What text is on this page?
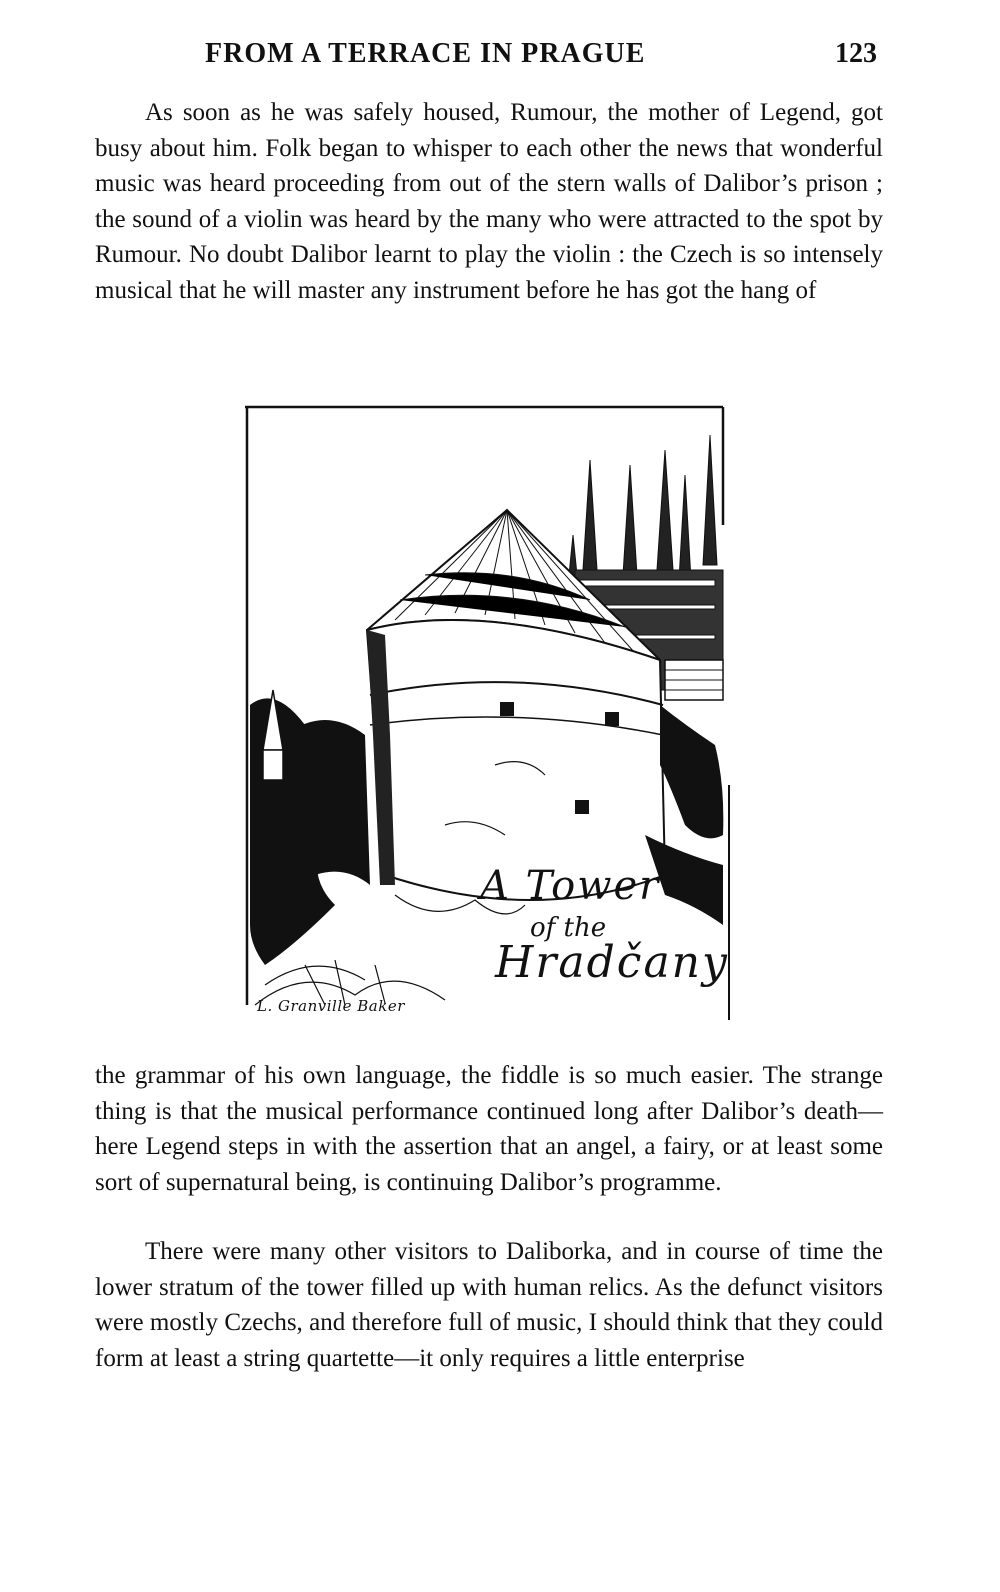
FROM A TERRACE IN PRAGUE	123

As soon as he was safely housed, Rumour, the mother of Legend, got busy about him. Folk began to whisper to each other the news that wonderful music was heard proceeding from out of the stern walls of Dalibor’s prison ; the sound of a violin was heard by the many who were attracted to the spot by Rumour. No doubt Dalibor learnt to play the violin : the Czech is so intensely musical that he will master any instrument before he has got the hang of

A Tower
of the
Hradčany
L. Granville Baker

the grammar of his own language, the fiddle is so much easier. The strange thing is that the musical performance continued long after Dalibor’s death—here Legend steps in with the assertion that an angel, a fairy, or at least some sort of supernatural being, is continuing Dalibor’s programme.

There were many other visitors to Daliborka, and in course of time the lower stratum of the tower filled up with human relics. As the defunct visitors were mostly Czechs, and therefore full of music, I should think that they could form at least a string quartette—it only requires a little enterprise
